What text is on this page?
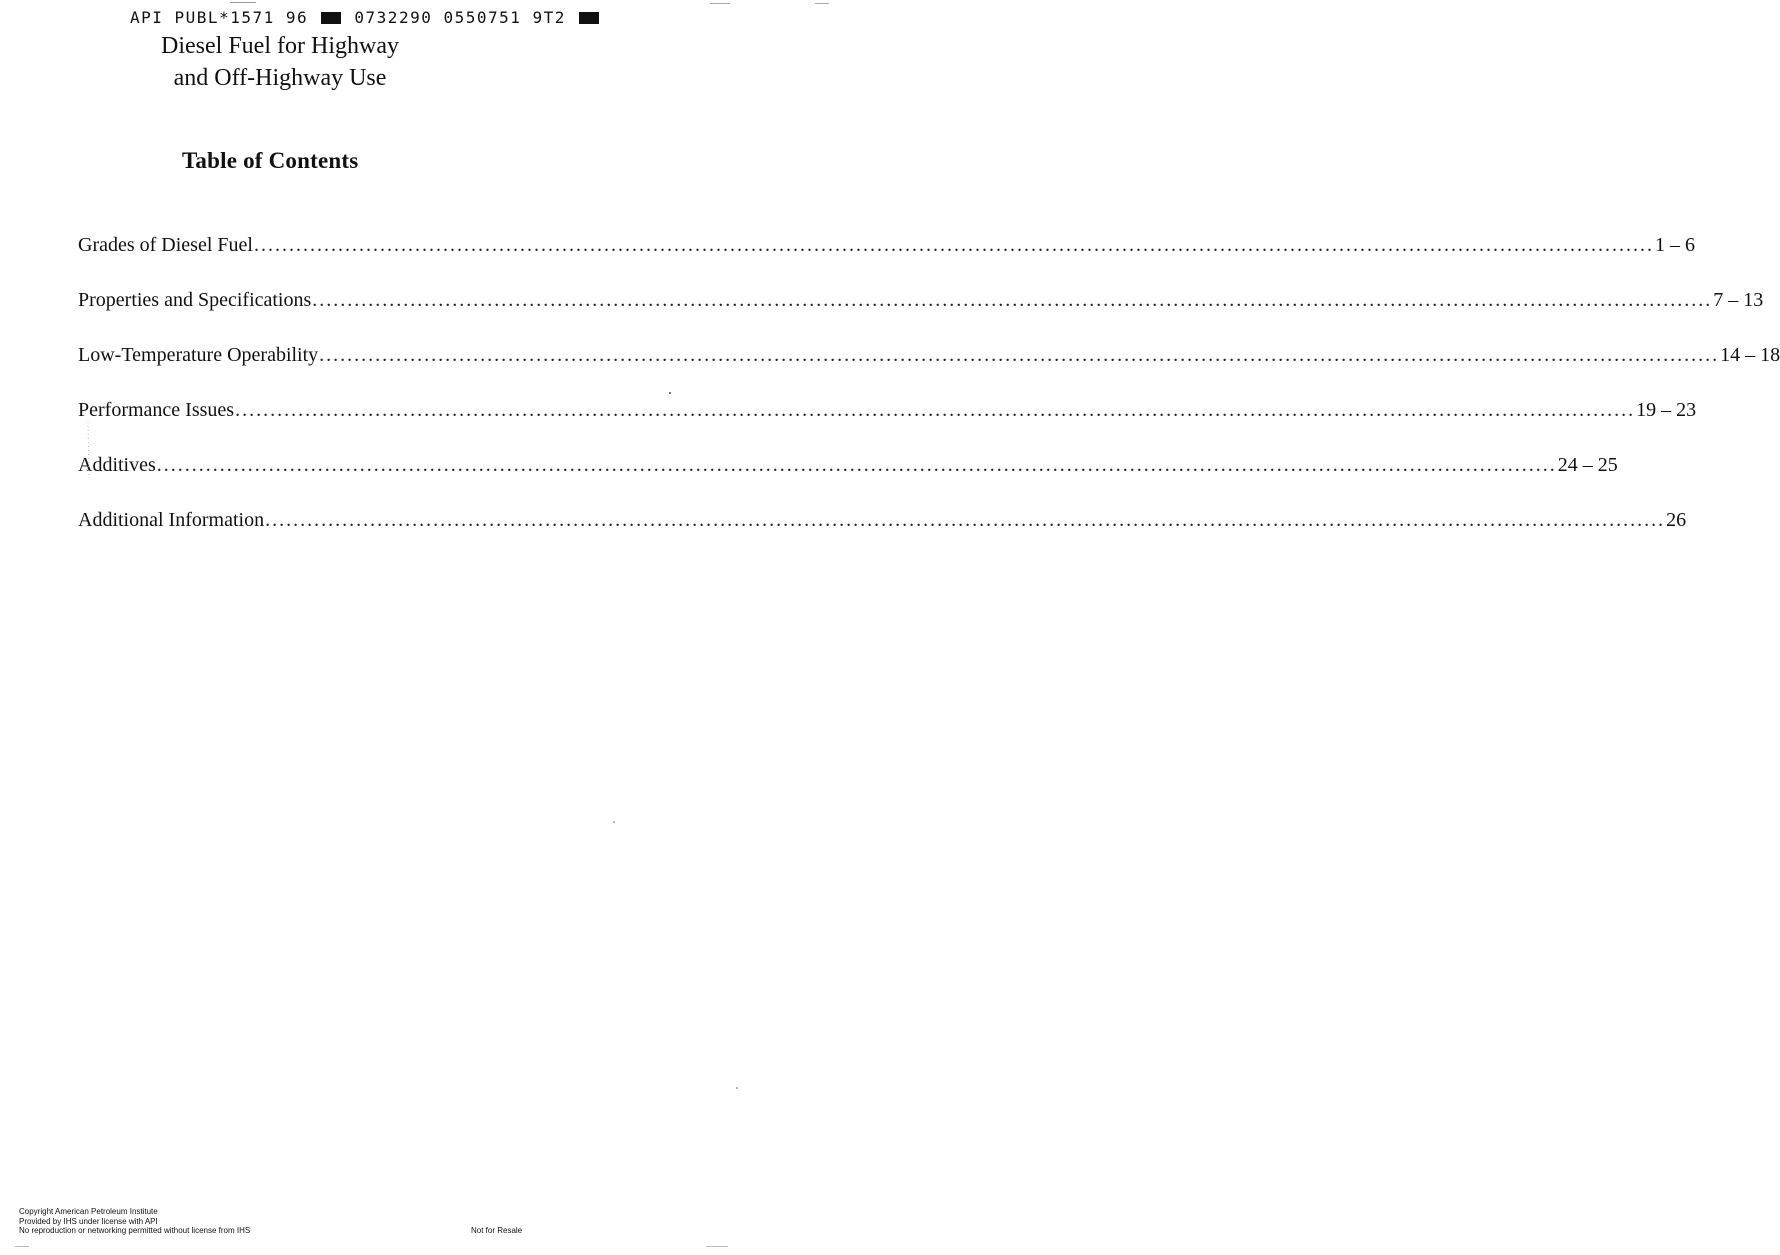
API PUBL*1571 96	0732290 0550751 9T2
Diesel Fuel for Highway
and Off-Highway Use
Table of Contents
Grades of Diesel Fuel ........................................................................................................................................................................................................ 1 – 6
Properties and Specifications ........................................................................................................................................................................................................ 7 – 13
Low-Temperature Operability ........................................................................................................................................................................................................ 14 – 18
Performance Issues ........................................................................................................................................................................................................ 19 – 23
Additives ........................................................................................................................................................................................................ 24 – 25
Additional Information ........................................................................................................................................................................................................ 26
Copyright American Petroleum Institute
Provided by IHS under license with API
No reproduction or networking permitted without license from IHS	Not for Resale
